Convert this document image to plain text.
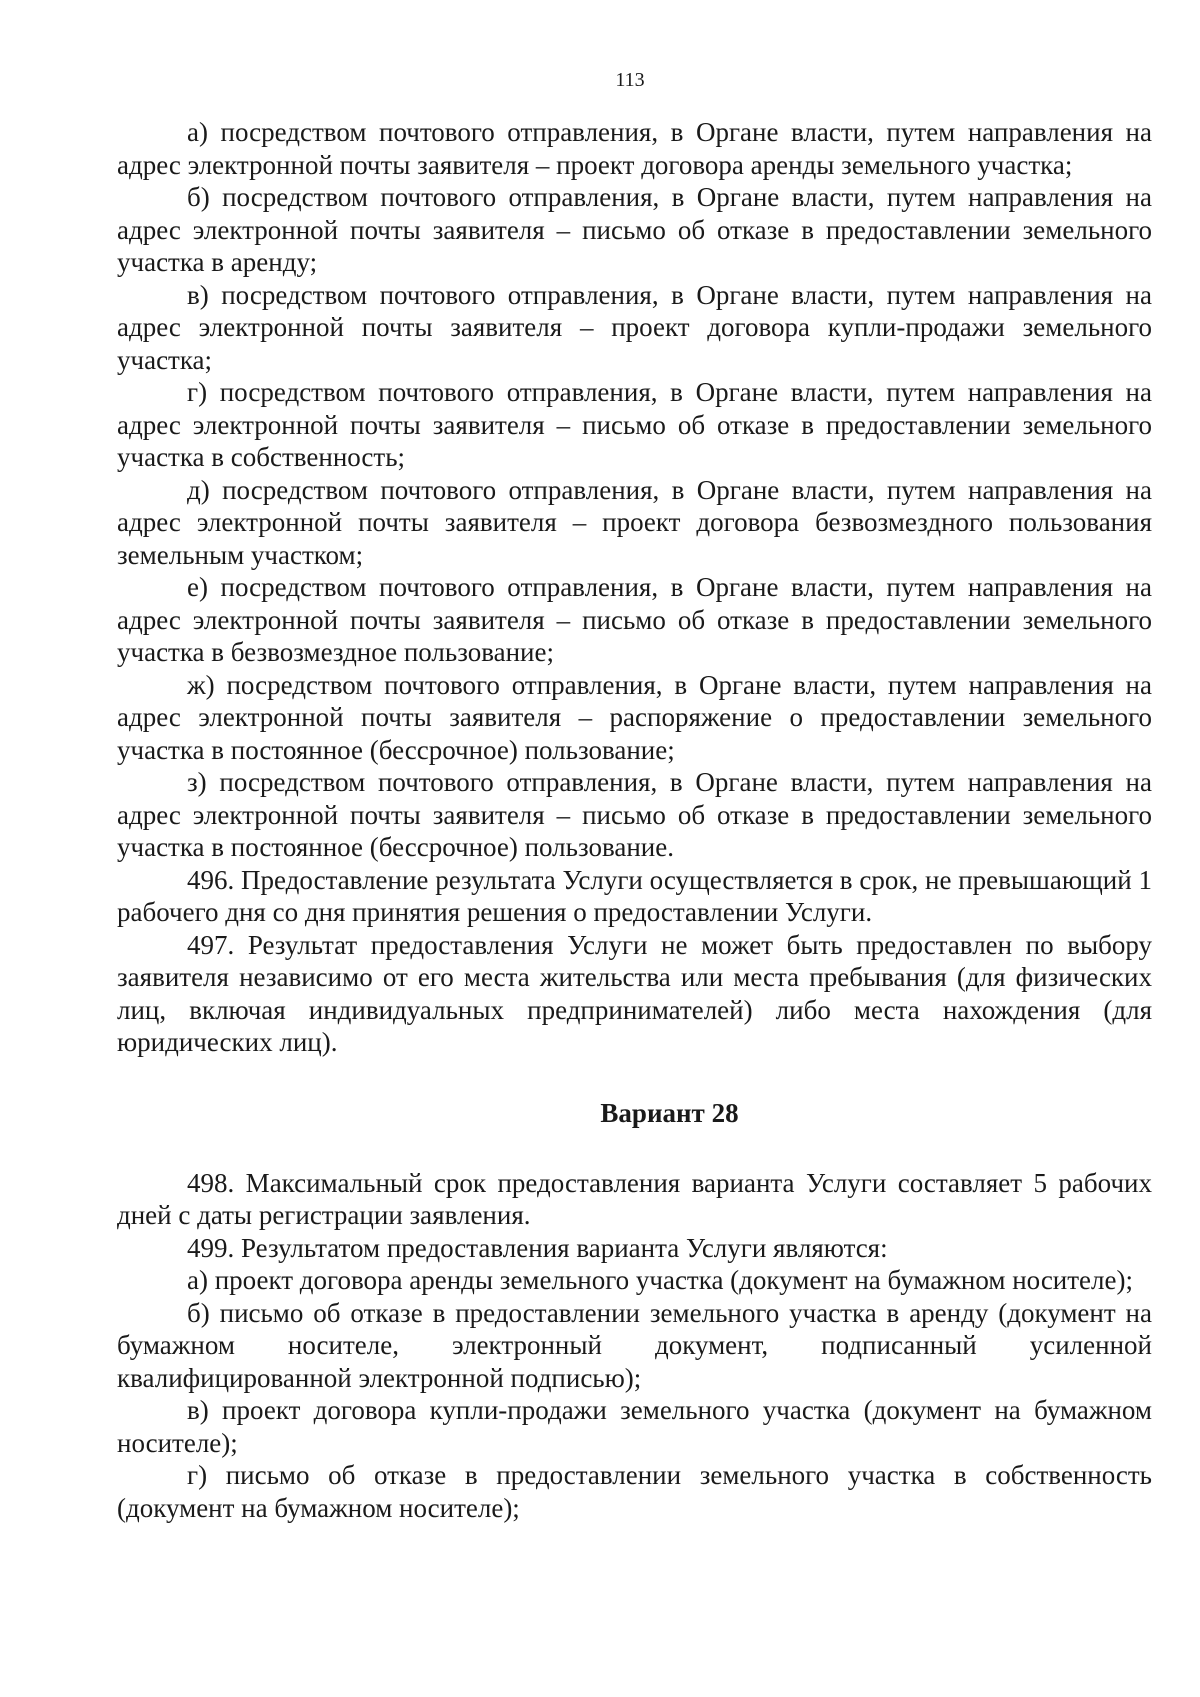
113

а) посредством почтового отправления, в Органе власти, путем направления на адрес электронной почты заявителя – проект договора аренды земельного участка;

б) посредством почтового отправления, в Органе власти, путем направления на адрес электронной почты заявителя – письмо об отказе в предоставлении земельного участка в аренду;

в) посредством почтового отправления, в Органе власти, путем направления на адрес электронной почты заявителя – проект договора купли-продажи земельного участка;

г) посредством почтового отправления, в Органе власти, путем направления на адрес электронной почты заявителя – письмо об отказе в предоставлении земельного участка в собственность;

д) посредством почтового отправления, в Органе власти, путем направления на адрес электронной почты заявителя – проект договора безвозмездного пользования земельным участком;

е) посредством почтового отправления, в Органе власти, путем направления на адрес электронной почты заявителя – письмо об отказе в предоставлении земельного участка в безвозмездное пользование;

ж) посредством почтового отправления, в Органе власти, путем направления на адрес электронной почты заявителя – распоряжение о предоставлении земельного участка в постоянное (бессрочное) пользование;

з) посредством почтового отправления, в Органе власти, путем направления на адрес электронной почты заявителя – письмо об отказе в предоставлении земельного участка в постоянное (бессрочное) пользование.

496. Предоставление результата Услуги осуществляется в срок, не превышающий 1 рабочего дня со дня принятия решения о предоставлении Услуги.

497. Результат предоставления Услуги не может быть предоставлен по выбору заявителя независимо от его места жительства или места пребывания (для физических лиц, включая индивидуальных предпринимателей) либо места нахождения (для юридических лиц).

Вариант 28

498. Максимальный срок предоставления варианта Услуги составляет 5 рабочих дней с даты регистрации заявления.

499. Результатом предоставления варианта Услуги являются:

а) проект договора аренды земельного участка (документ на бумажном носителе);

б) письмо об отказе в предоставлении земельного участка в аренду (документ на бумажном носителе, электронный документ, подписанный усиленной квалифицированной электронной подписью);

в) проект договора купли-продажи земельного участка (документ на бумажном носителе);

г) письмо об отказе в предоставлении земельного участка в собственность (документ на бумажном носителе);
